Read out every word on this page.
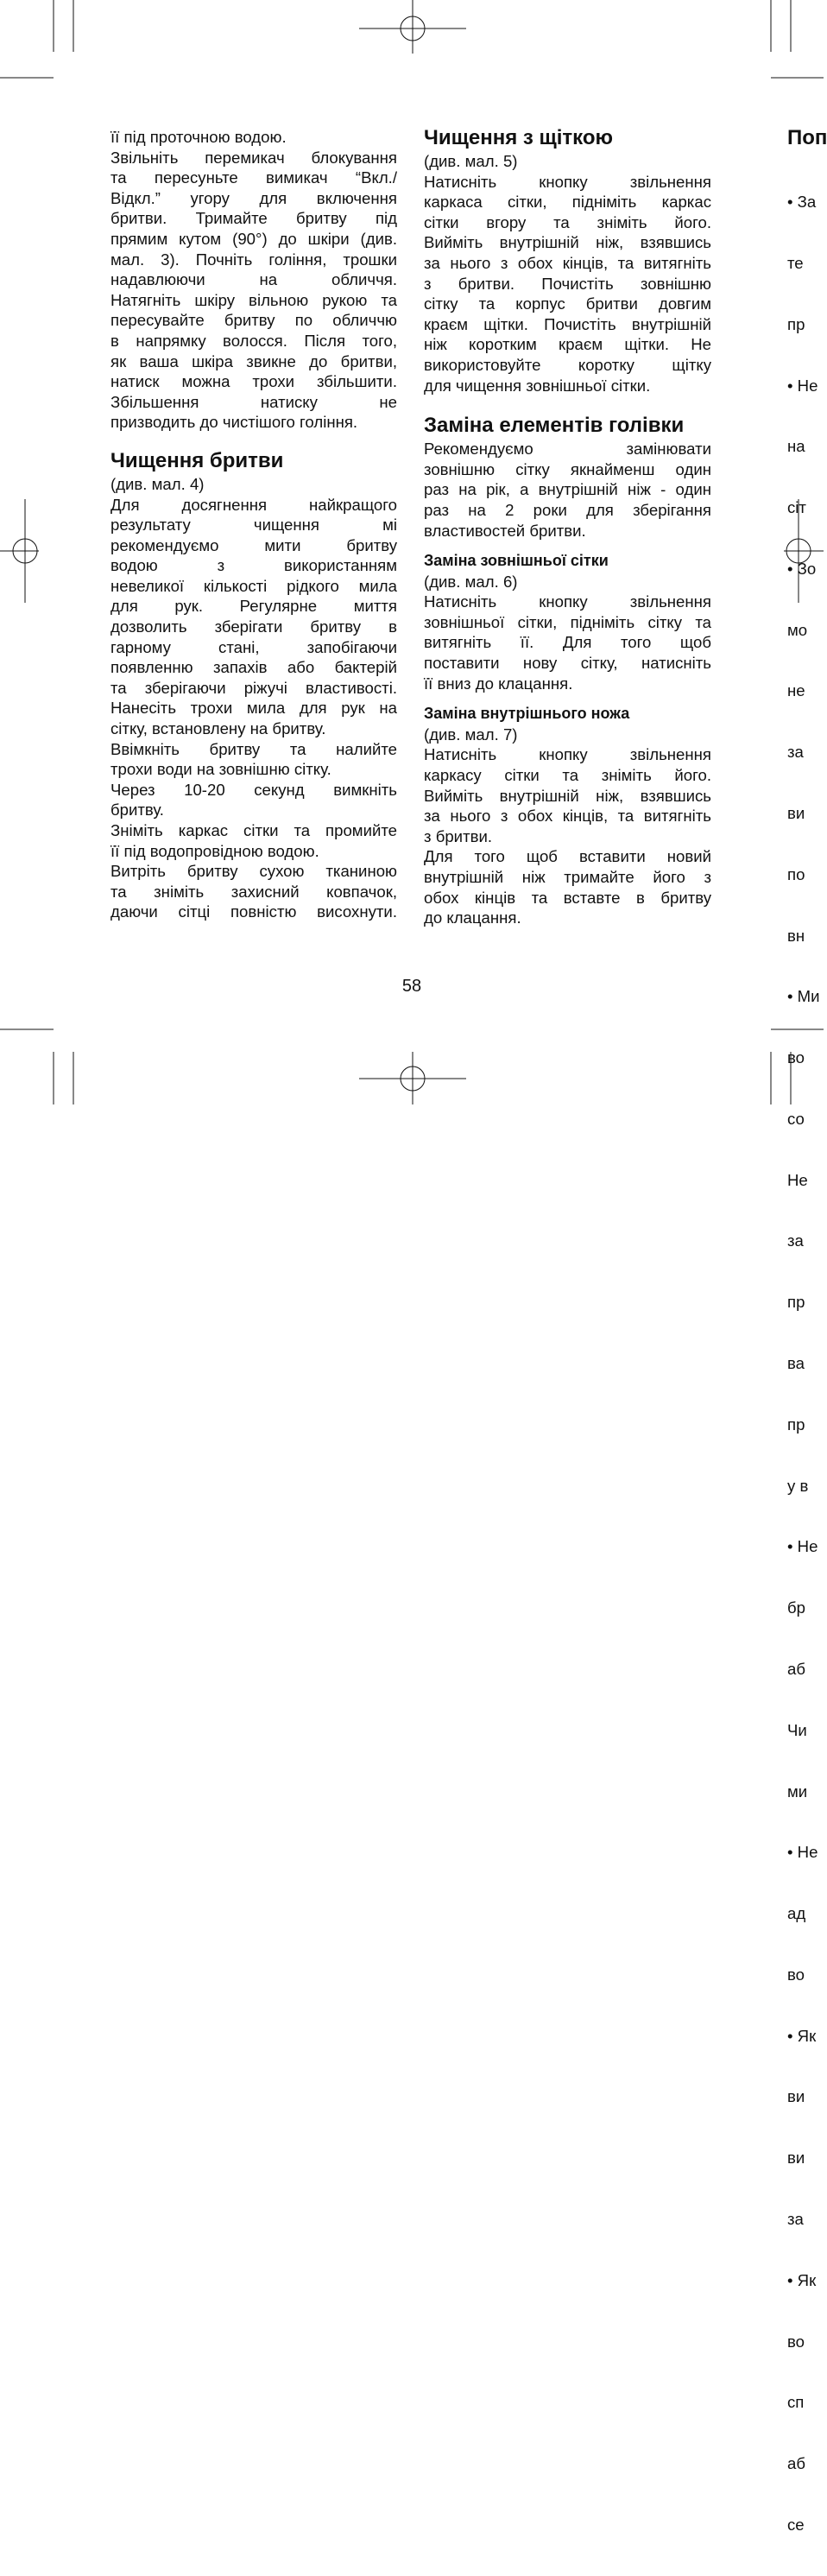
її під проточною водою.
Звільніть перемикач блокування
та пересуньте вимикач “Вкл./
Відкл.” угору для включення
бритви. Тримайте бритву під
прямим кутом (90°) до шкіри (див.
мал. 3). Почніть гоління, трошки
надавлюючи на обличчя.
Натягніть шкіру вільною рукою та
пересувайте бритву по обличчю
в напрямку волосся. Після того,
як ваша шкіра звикне до бритви,
натиск можна трохи збільшити.
Збільшення натиску не
призводить до чистішого гоління.
Чищення бритви
(див. мал. 4)
Для досягнення найкращого
результату чищення мі
рекомендуємо мити бритву
водою з використанням
невеликої кількості рідкого мила
для рук. Регулярне миття
дозволить зберігати бритву в
гарному стані, запобігаючи
появленню запахів або бактерій
та зберігаючи ріжучі властивості.
Нанесіть трохи мила для рук на
сітку, встановлену на бритву.
Ввімкніть бритву та налийте
трохи води на зовнішню сітку.
Через 10-20 секунд вимкніть
бритву.
Зніміть каркас сітки та промийте
її під водопровідною водою.
Витріть бритву сухою тканиною
та зніміть захисний ковпачок,
даючи сітці повністю висохнути.
Чищення з щіткою
(див. мал. 5)
Натисніть кнопку звільнення
каркаса сітки, підніміть каркас
сітки вгору та зніміть його.
Вийміть внутрішній ніж, взявшись
за нього з обох кінців, та витягніть
з бритви. Почистіть зовнішню
сітку та корпус бритви довгим
краєм щітки. Почистіть внутрішній
ніж коротким краєм щітки. Не
використовуйте коротку щітку
для чищення зовнішньої сітки.
Заміна елементів голівки
Рекомендуємо замінювати
зовнішню сітку якнайменш один
раз на рік, а внутрішній ніж - один
раз на 2 роки для зберігання
властивостей бритви.
Заміна зовнішньої сітки
(див. мал. 6)
Натисніть кнопку звільнення
зовнішньої сітки, підніміть сітку та
витягніть її. Для того щоб
поставити нову сітку, натисніть
її вниз до клацання.
Заміна внутрішнього ножа
(див. мал. 7)
Натисніть кнопку звільнення
каркасу сітки та зніміть його.
Вийміть внутрішній ніж, взявшись
за нього з обох кінців, та витягніть
з бритви.
Для того щоб вставити новий
внутрішній ніж тримайте його з
обох кінців та вставте в бритву
до клацання.
Поп

• За

те

пр

• Не

на

сіт

• Зо

мо

не

за

ви

по

вн

• Ми

во

со

Не

за

пр

ва

пр

у в

• Не

бр

аб

Чи

ми

• Не

ад

во

• Як

ви

ви

за

• Як

во

сп

аб

се

58
